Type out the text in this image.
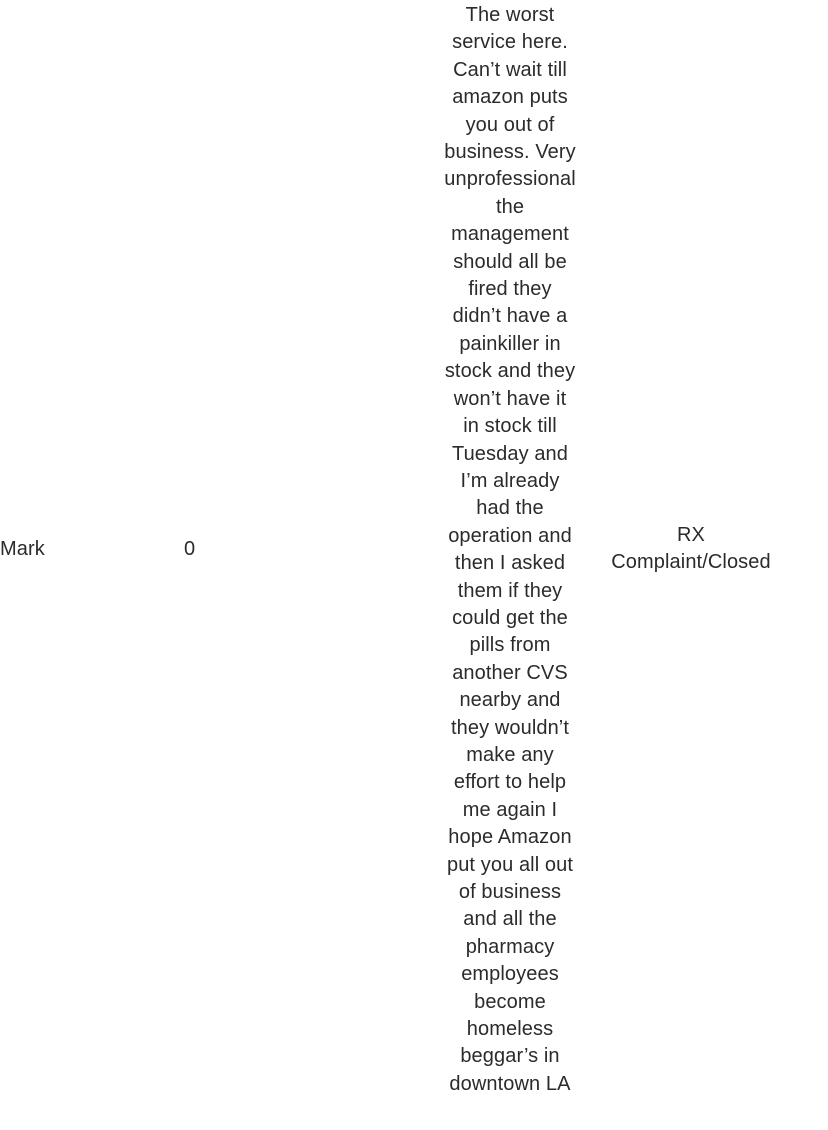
Mark	0
The worst
service here.
Can’t wait till
amazon puts
you out of
business. Very
unprofessional
the
management
should all be
fired they
didn’t have a
painkiller in
stock and they
won’t have it
in stock till
Tuesday and
I’m already
had the
operation and
then I asked
them if they
could get the
pills from
another CVS
nearby and
they wouldn’t
make any
effort to help
me again I
hope Amazon
put you all out
of business
and all the
pharmacy
employees
become
homeless
beggar’s in
downtown LA
RX
Complaint/Closed
